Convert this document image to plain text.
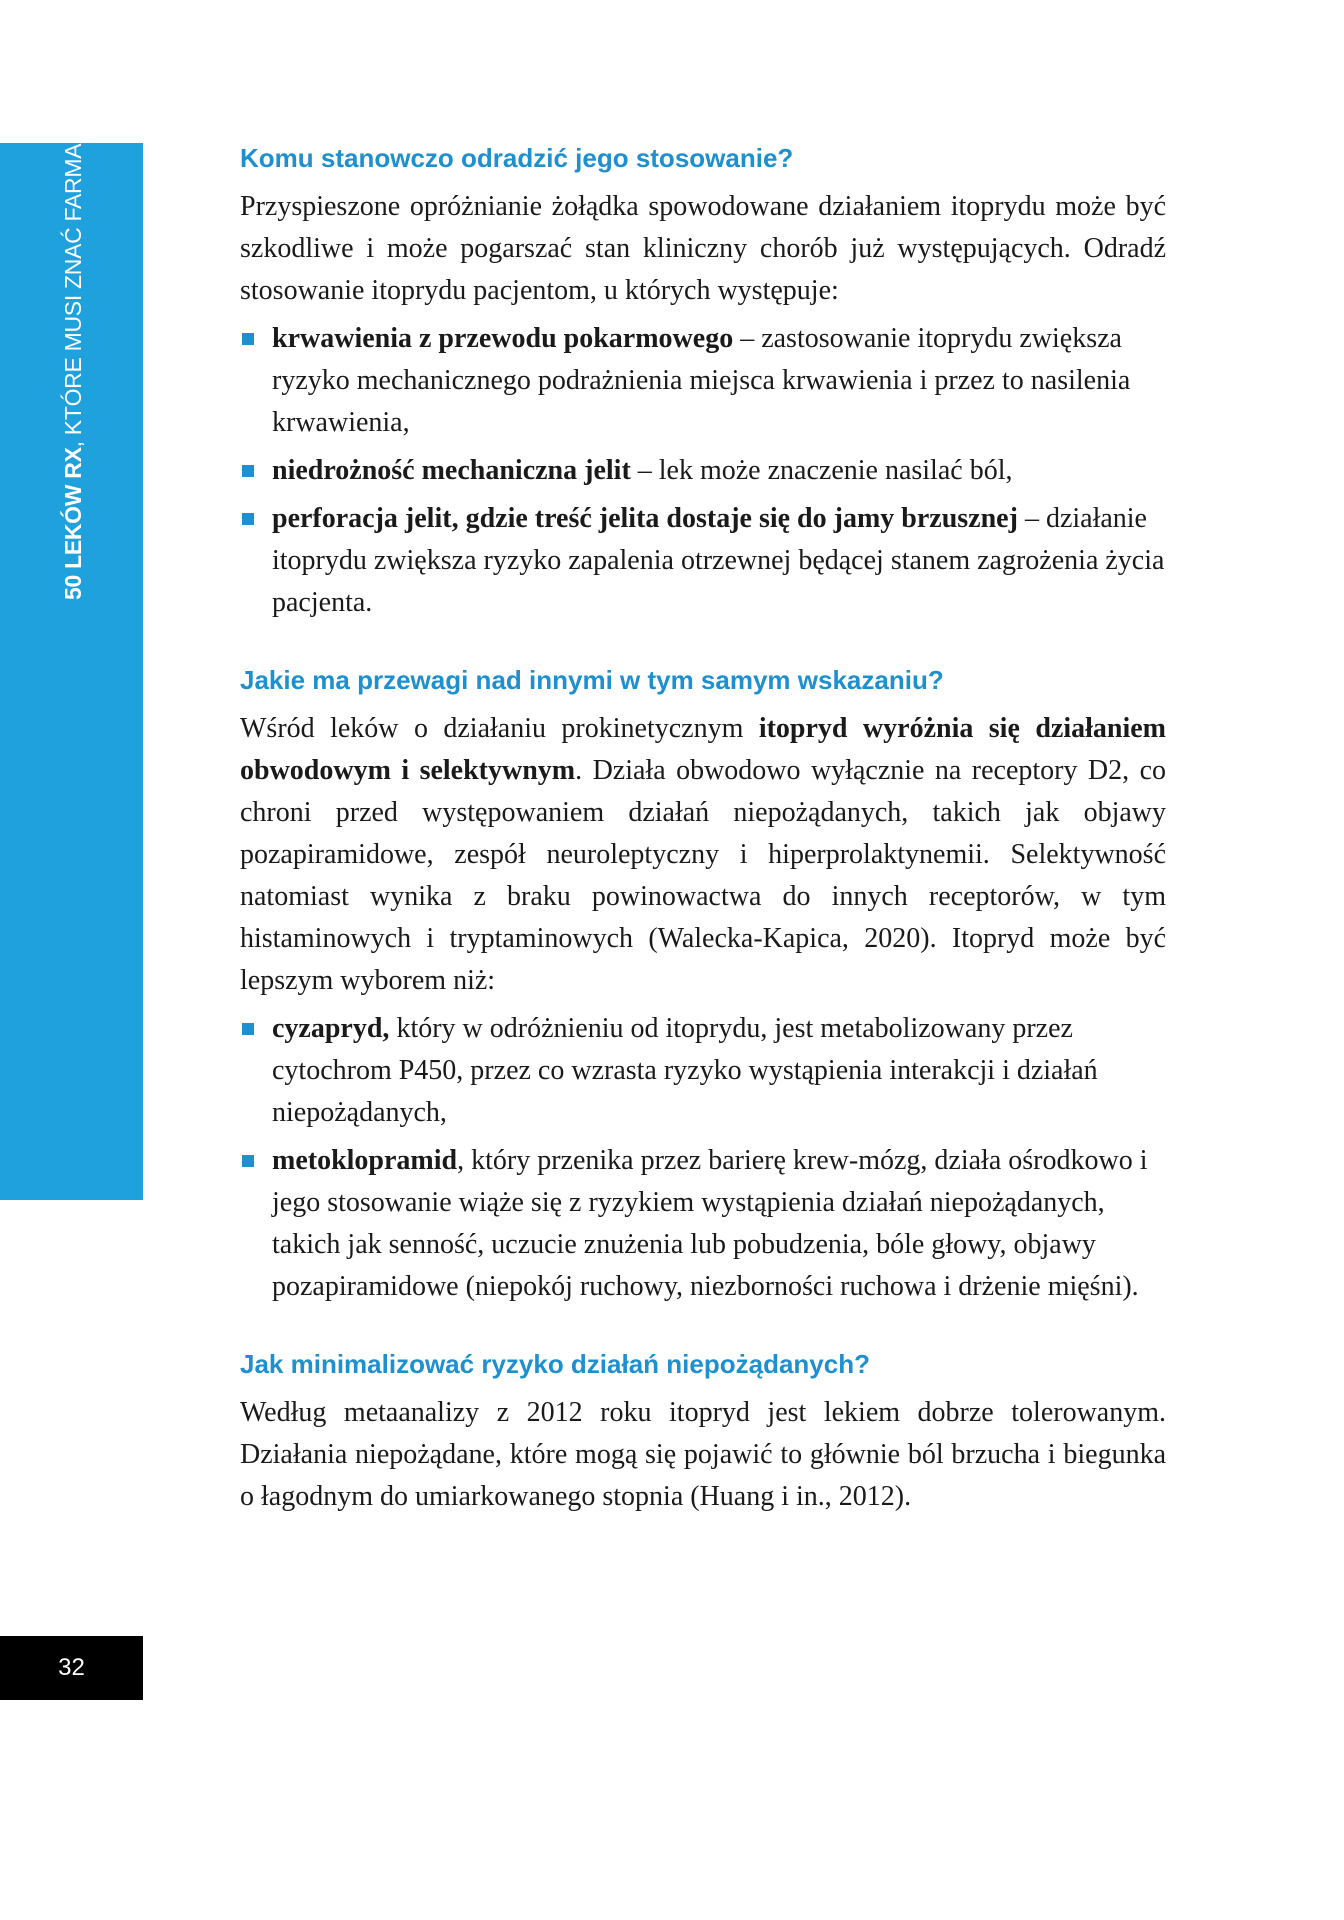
50 LEKÓW RX, KTÓRE MUSI ZNAĆ FARMACEUTA
32
Komu stanowczo odradzić jego stosowanie?

Przyspieszone opróżnianie żołądka spowodowane działaniem itoprydu może być szkodliwe i może pogarszać stan kliniczny chorób już występujących. Odradź stosowanie itoprydu pacjentom, u których występuje:

krwawienia z przewodu pokarmowego – zastosowanie itoprydu zwiększa ryzyko mechanicznego podrażnienia miejsca krwawienia i przez to nasilenia krwawienia,
niedrożność mechaniczna jelit – lek może znaczenie nasilać ból,
perforacja jelit, gdzie treść jelita dostaje się do jamy brzusznej – działanie itoprydu zwiększa ryzyko zapalenia otrzewnej będącej stanem zagrożenia życia pacjenta.
Jakie ma przewagi nad innymi w tym samym wskazaniu?

Wśród leków o działaniu prokinetycznym itopryd wyróżnia się działaniem obwodowym i selektywnym. Działa obwodowo wyłącznie na receptory D2, co chroni przed występowaniem działań niepożądanych, takich jak objawy pozapiramidowe, zespół neuroleptyczny i hiperprolaktynemii. Selektywność natomiast wynika z braku powinowactwa do innych receptorów, w tym histaminowych i tryptaminowych (Walecka-Kapica, 2020). Itopryd może być lepszym wyborem niż:

cyzapryd, który w odróżnieniu od itoprydu, jest metabolizowany przez cytochrom P450, przez co wzrasta ryzyko wystąpienia interakcji i działań niepożądanych,
metoklopramid, który przenika przez barierę krew-mózg, działa ośrodkowo i jego stosowanie wiąże się z ryzykiem wystąpienia działań niepożądanych, takich jak senność, uczucie znużenia lub pobudzenia, bóle głowy, objawy pozapiramidowe (niepokój ruchowy, niezborności ruchowa i drżenie mięśni).
Jak minimalizować ryzyko działań niepożądanych?

Według metaanalizy z 2012 roku itopryd jest lekiem dobrze tolerowanym. Działania niepożądane, które mogą się pojawić to głównie ból brzucha i biegunka o łagodnym do umiarkowanego stopnia (Huang i in., 2012).
